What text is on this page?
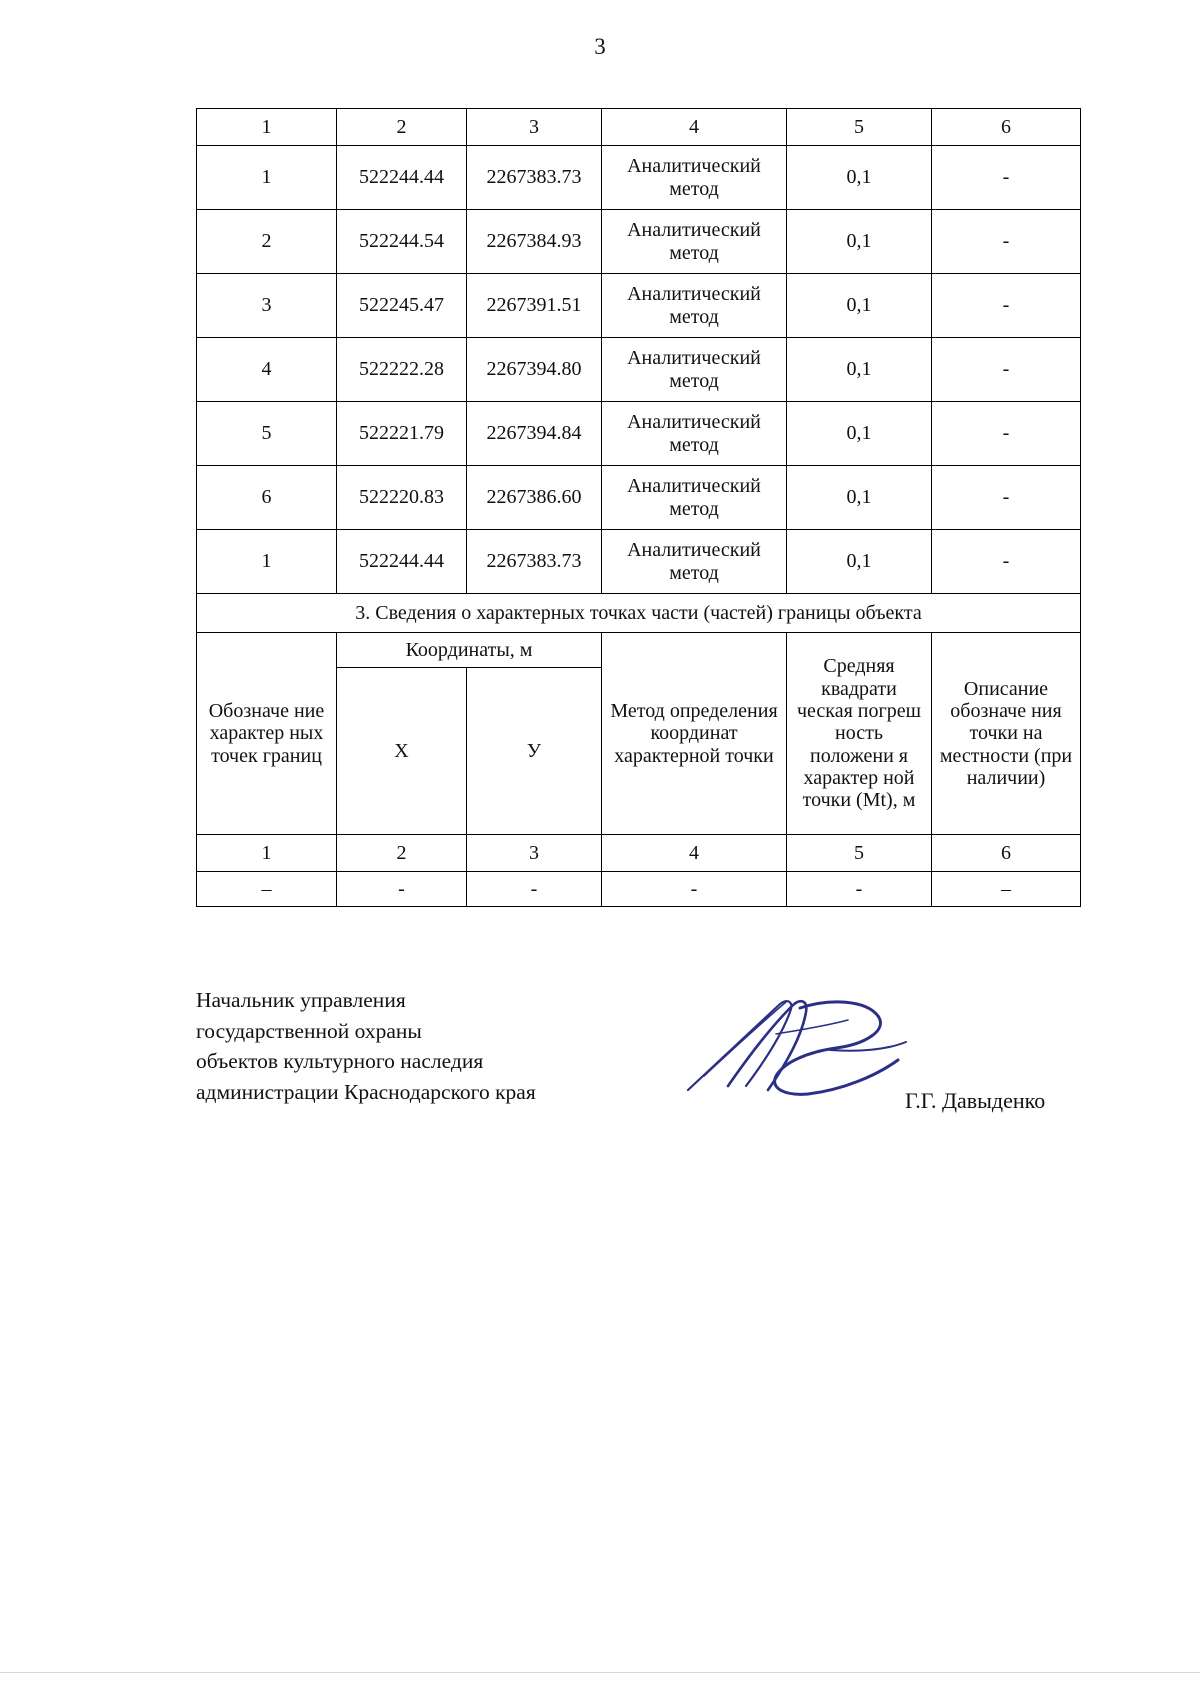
3
1	2	3	4	5	6
1	522244.44	2267383.73	Аналитический метод	0,1	-
2	522244.54	2267384.93	Аналитический метод	0,1	-
3	522245.47	2267391.51	Аналитический метод	0,1	-
4	522222.28	2267394.80	Аналитический метод	0,1	-
5	522221.79	2267394.84	Аналитический метод	0,1	-
6	522220.83	2267386.60	Аналитический метод	0,1	-
1	522244.44	2267383.73	Аналитический метод	0,1	-
3. Сведения о характерных точках части (частей) границы объекта					
Обозначе ние характер ных точек границ	Координаты, м		Метод определения координат характерной точки	Средняя квадрати ческая погреш ность положени я характер ной точки (Mt), м	Описание обозначе ния точки на местности (при наличии)
	X	У			
1	2	3	4	5	6
–	-	-	-	-	–
Начальник управления
государственной охраны
объектов культурного наследия
администрации Краснодарского края	Г.Г. Давыденко
